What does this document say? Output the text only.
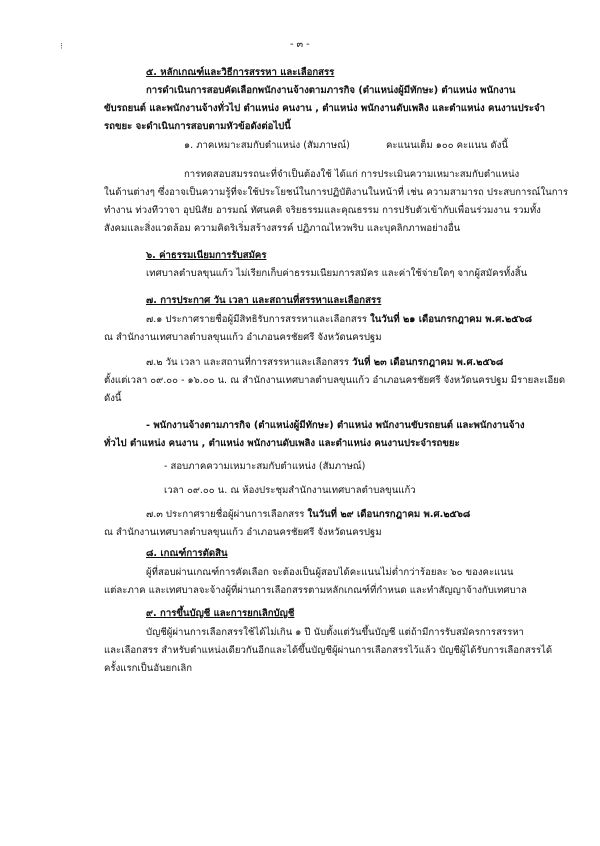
⁝	- ๓ -
๕. หลักเกณฑ์และวิธีการสรรหา และเลือกสรร
การดำเนินการสอบคัดเลือกพนักงานจ้างตามภารกิจ (ตำแหน่งผู้มีทักษะ) ตำแหน่ง พนักงาน
ขับรถยนต์ และพนักงานจ้างทั่วไป ตำแหน่ง คนงาน , ตำแหน่ง พนักงานดับเพลิง และตำแหน่ง คนงานประจำ
รถขยะ จะดำเนินการสอบตามหัวข้อดังต่อไปนี้
๑. ภาคเหมาะสมกับตำแหน่ง (สัมภาษณ์)	คะแนนเต็ม ๑๐๐ คะแนน ดังนี้
การทดสอบสมรรถนะที่จำเป็นต้องใช้ ได้แก่ การประเมินความเหมาะสมกับตำแหน่ง
ในด้านต่างๆ ซึ่งอาจเป็นความรู้ที่จะใช้ประโยชน์ในการปฏิบัติงานในหน้าที่ เช่น ความสามารถ ประสบการณ์ในการ
ทำงาน ท่วงทีวาจา อุปนิสัย อารมณ์ ทัศนคติ จริยธรรมและคุณธรรม การปรับตัวเข้ากับเพื่อนร่วมงาน รวมทั้ง
สังคมและสิ่งแวดล้อม ความคิดริเริ่มสร้างสรรค์ ปฏิภาณไหวพริบ และบุคลิกภาพอย่างอื่น
๖. ค่าธรรมเนียมการรับสมัคร
เทศบาลตำบลขุนแก้ว ไม่เรียกเก็บค่าธรรมเนียมการสมัคร และค่าใช้จ่ายใดๆ จากผู้สมัครทั้งสิ้น
๗. การประกาศ วัน เวลา และสถานที่สรรหาและเลือกสรร
๗.๑ ประกาศรายชื่อผู้มีสิทธิรับการสรรหาและเลือกสรร ในวันที่ ๒๑ เดือนกรกฎาคม พ.ศ.๒๕๖๘
ณ สำนักงานเทศบาลตำบลขุนแก้ว อำเภอนครชัยศรี จังหวัดนครปฐม
๗.๒ วัน เวลา และสถานที่การสรรหาและเลือกสรร วันที่ ๒๓ เดือนกรกฎาคม พ.ศ.๒๕๖๘
ตั้งแต่เวลา ๐๙.๐๐ - ๑๖.๐๐ น. ณ สำนักงานเทศบาลตำบลขุนแก้ว อำเภอนครชัยศรี จังหวัดนครปฐม มีรายละเอียด
ดังนี้
- พนักงานจ้างตามภารกิจ (ตำแหน่งผู้มีทักษะ) ตำแหน่ง พนักงานขับรถยนต์ และพนักงานจ้าง
ทั่วไป ตำแหน่ง คนงาน , ตำแหน่ง พนักงานดับเพลิง และตำแหน่ง คนงานประจำรถขยะ
- สอบภาคความเหมาะสมกับตำแหน่ง (สัมภาษณ์)
เวลา ๐๙.๐๐ น. ณ ห้องประชุมสำนักงานเทศบาลตำบลขุนแก้ว
๗.๓ ประกาศรายชื่อผู้ผ่านการเลือกสรร ในวันที่ ๒๙ เดือนกรกฎาคม พ.ศ.๒๕๖๘
ณ สำนักงานเทศบาลตำบลขุนแก้ว อำเภอนครชัยศรี จังหวัดนครปฐม
๘. เกณฑ์การตัดสิน
ผู้ที่สอบผ่านเกณฑ์การคัดเลือก จะต้องเป็นผู้สอบได้คะแนนไม่ต่ำกว่าร้อยละ ๖๐ ของคะแนน
แต่ละภาค และเทศบาลจะจ้างผู้ที่ผ่านการเลือกสรรตามหลักเกณฑ์ที่กำหนด และทำสัญญาจ้างกับเทศบาล
๙. การขึ้นบัญชี และการยกเลิกบัญชี
บัญชีผู้ผ่านการเลือกสรรใช้ได้ไม่เกิน ๑ ปี นับตั้งแต่วันขึ้นบัญชี แต่ถ้ามีการรับสมัครการสรรหา
และเลือกสรร สำหรับตำแหน่งเดียวกันอีกและได้ขึ้นบัญชีผู้ผ่านการเลือกสรรไว้แล้ว บัญชีผู้ได้รับการเลือกสรรได้
ครั้งแรกเป็นอันยกเลิก
